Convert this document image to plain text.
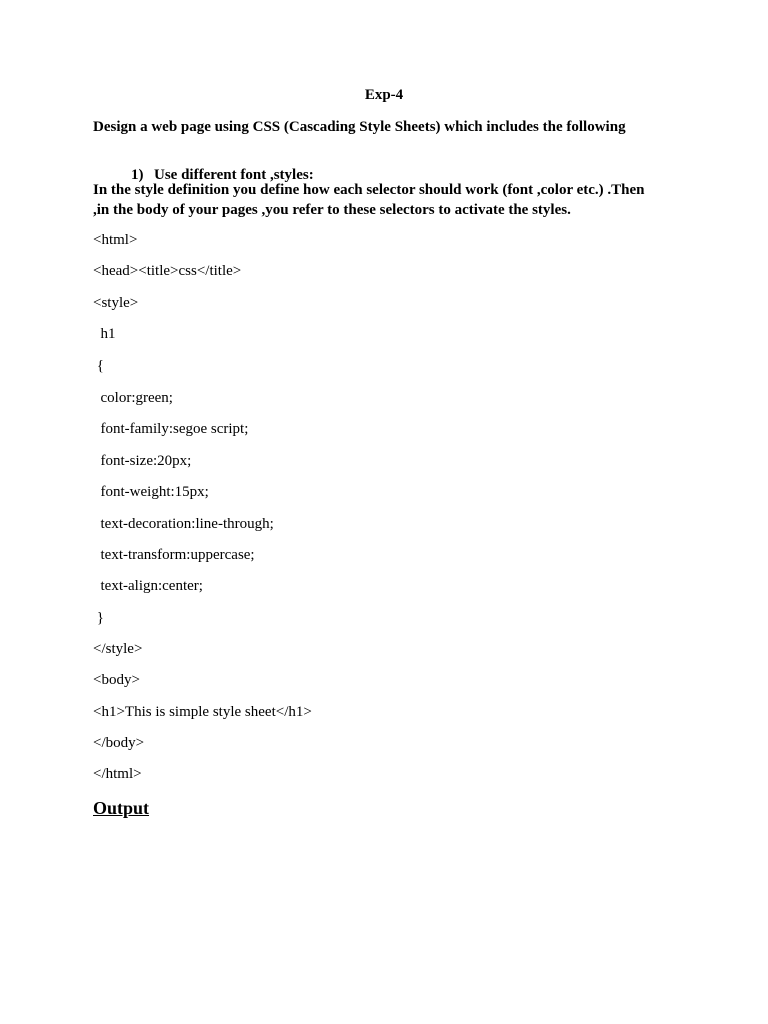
Exp-4
Design a web page using CSS (Cascading Style Sheets) which includes the following

1) Use different font ,styles:

In the style definition you define how each selector should work (font ,color etc.) .Then
,in the body of your pages ,you refer to these selectors to activate the styles.
<html>
<head><title>css</title>
<style>
h1
{
color:green;
font-family:segoe script;
font-size:20px;
font-weight:15px;
text-decoration:line-through;
text-transform:uppercase;
text-align:center;
}
</style>
<body>
<h1>This is simple style sheet</h1>
</body>
</html>
Output
